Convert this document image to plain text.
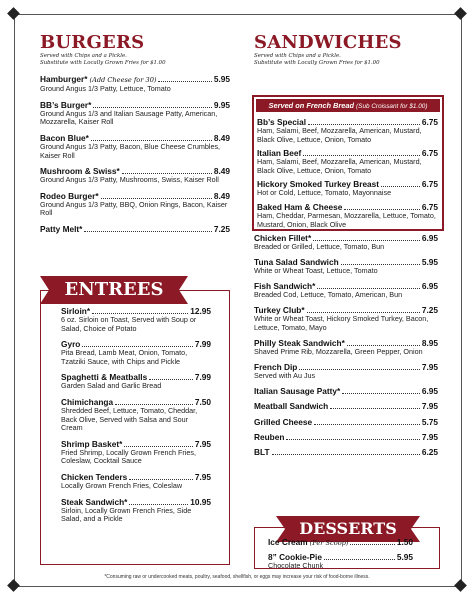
BURGERS
Served with Chips and a Pickle.
Substitute with Locally Grown Fries for $1.00
Hamburger* (Add Cheese for 30)	5.95
Ground Angus 1/3 Patty, Lettuce, Tomato
BB’s Burger*	9.95
Ground Angus 1/3 and Italian Sausage Patty, American, Mozzarella, Kaiser Roll
Bacon Blue*	8.49
Ground Angus 1/3 Patty, Bacon, Blue Cheese Crumbles, Kaiser Roll
Mushroom & Swiss*	8.49
Ground Angus 1/3 Patty, Mushrooms, Swiss, Kaiser Roll
Rodeo Burger*	8.49
Ground Angus 1/3 Patty, BBQ, Onion Rings, Bacon, Kaiser Roll
Patty Melt*	7.25
ENTREES
Sirloin*	12.95
6 oz. Sirloin on Toast, Served with Soup or Salad, Choice of Potato
Gyro	7.99
Pita Bread, Lamb Meat, Onion, Tomato, Tzatziki Sauce, with Chips and Pickle
Spaghetti & Meatballs	7.99
Garden Salad and Garlic Bread
Chimichanga	7.50
Shredded Beef, Lettuce, Tomato, Cheddar, Back Olive, Served with Salsa and Sour Cream
Shrimp Basket*	7.95
Fried Shrimp, Locally Grown French Fries, Coleslaw, Cocktail Sauce
Chicken Tenders	7.95
Locally Grown French Fries, Coleslaw
Steak Sandwich*	10.95
Sirloin, Locally Grown French Fries, Side Salad, and a Pickle
SANDWICHES
Served with Chips and a Pickle.
Substitute with Locally Grown Fries for $1.00
Served on French Bread (Sub Croissant for $1.00)
Bb’s Special	6.75
Ham, Salami, Beef, Mozzarella, American, Mustard, Black Olive, Lettuce, Onion, Tomato
Italian Beef	6.75
Ham, Salami, Beef, Mozzarella, American, Mustard, Black Olive, Lettuce, Onion, Tomato
Hickory Smoked Turkey Breast	6.75
Hot or Cold, Lettuce, Tomato, Mayonnaise
Baked Ham & Cheese	6.75
Ham, Cheddar, Parmesan, Mozzarella, Lettuce, Tomato, Mustard, Onion, Black Olive
Chicken Fillet*	6.95
Breaded or Grilled, Lettuce, Tomato, Bun
Tuna Salad Sandwich	5.95
White or Wheat Toast, Lettuce, Tomato
Fish Sandwich*	6.95
Breaded Cod, Lettuce, Tomato, American, Bun
Turkey Club*	7.25
White or Wheat Toast, Hickory Smoked Turkey, Bacon, Lettuce, Tomato, Mayo
Philly Steak Sandwich*	8.95
Shaved Prime Rib, Mozzarella, Green Pepper, Onion
French Dip	7.95
Served with Au Jus
Italian Sausage Patty*	6.95
Meatball Sandwich	7.95
Grilled Cheese	5.75
Reuben	7.95
BLT	6.25
DESSERTS
Ice Cream (Per Scoop)	1.50
8” Cookie-Pie	5.95
Chocolate Chunk
*Consuming raw or undercooked meats, poultry, seafood, shellfish, or eggs may increase your risk of food-borne illness.
